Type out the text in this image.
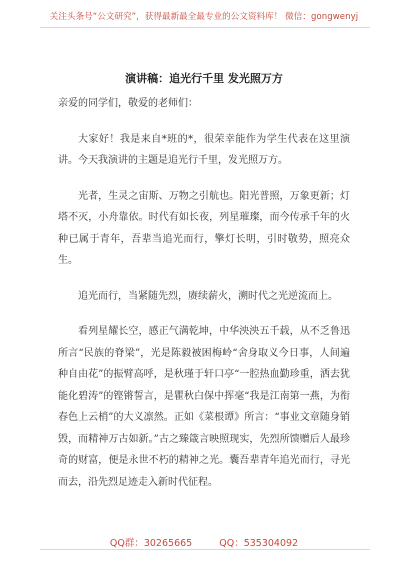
关注头条号“公文研究”，获得最新最全最专业的公文资料库！ 微信：gongwenyj
演讲稿：追光行千里 发光照万方

亲爱的同学们，敬爱的老师们：

大家好！我是来自*班的*，很荣幸能作为学生代表在这里演讲。今天我演讲的主题是追光行千里，发光照万方。

光者，生灵之宙斯、万物之引航也。阳光普照，万象更新；灯塔不灭，小舟靠依。时代有如长夜，列星璀璨，而今传承千年的火种已属于青年，吾辈当追光而行，擎灯长明，引时敬势，照亮众生。

追光而行，当紧随先烈，赓续薪火，溯时代之光逆流而上。

看列星耀长空，感正气满乾坤，中华泱泱五千载，从不乏鲁迅所言“民族的脊梁”，光是陈毅被困梅岭“舍身取义今日事，人间遍种自由花”的振臂高呼，是秋瑾于轩口亭“一腔热血勤珍重，洒去犹能化碧涛”的铿锵誓言，是瞿秋白保中挥毫“我是江南第一燕，为衔春色上云梢”的大义凛然。正如《菜根谭》所言：“事业文章随身销毁，而精神万古如新。”古之臻箴言映照现实，先烈所馈赠后人最珍奇的财富，便是永世不朽的精神之光。囊吾辈青年追光而行，寻光而去，沿先烈足迹走入新时代征程。

QQ群：30265665	QQ：535304092
